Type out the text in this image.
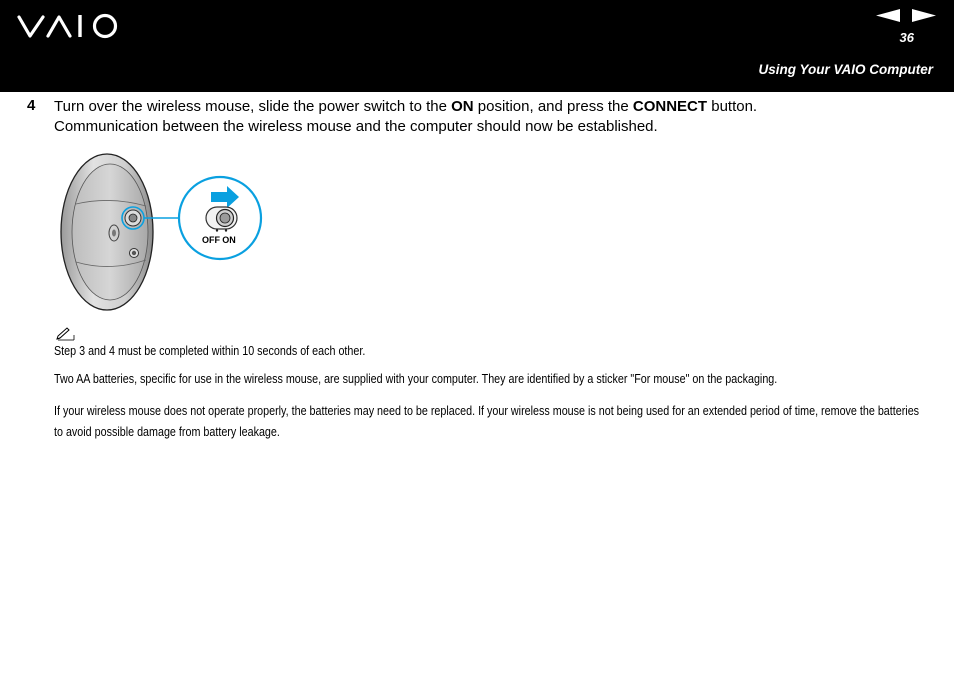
36
Using Your VAIO Computer
4 Turn over the wireless mouse, slide the power switch to the ON position, and press the CONNECT button.
Communication between the wireless mouse and the computer should now be established.
OFF ON
Step 3 and 4 must be completed within 10 seconds of each other.
Two AA batteries, specific for use in the wireless mouse, are supplied with your computer. They are identified by a sticker "For mouse" on the packaging.
If your wireless mouse does not operate properly, the batteries may need to be replaced. If your wireless mouse is not being used for an extended period of time, remove the batteries to avoid possible damage from battery leakage.
